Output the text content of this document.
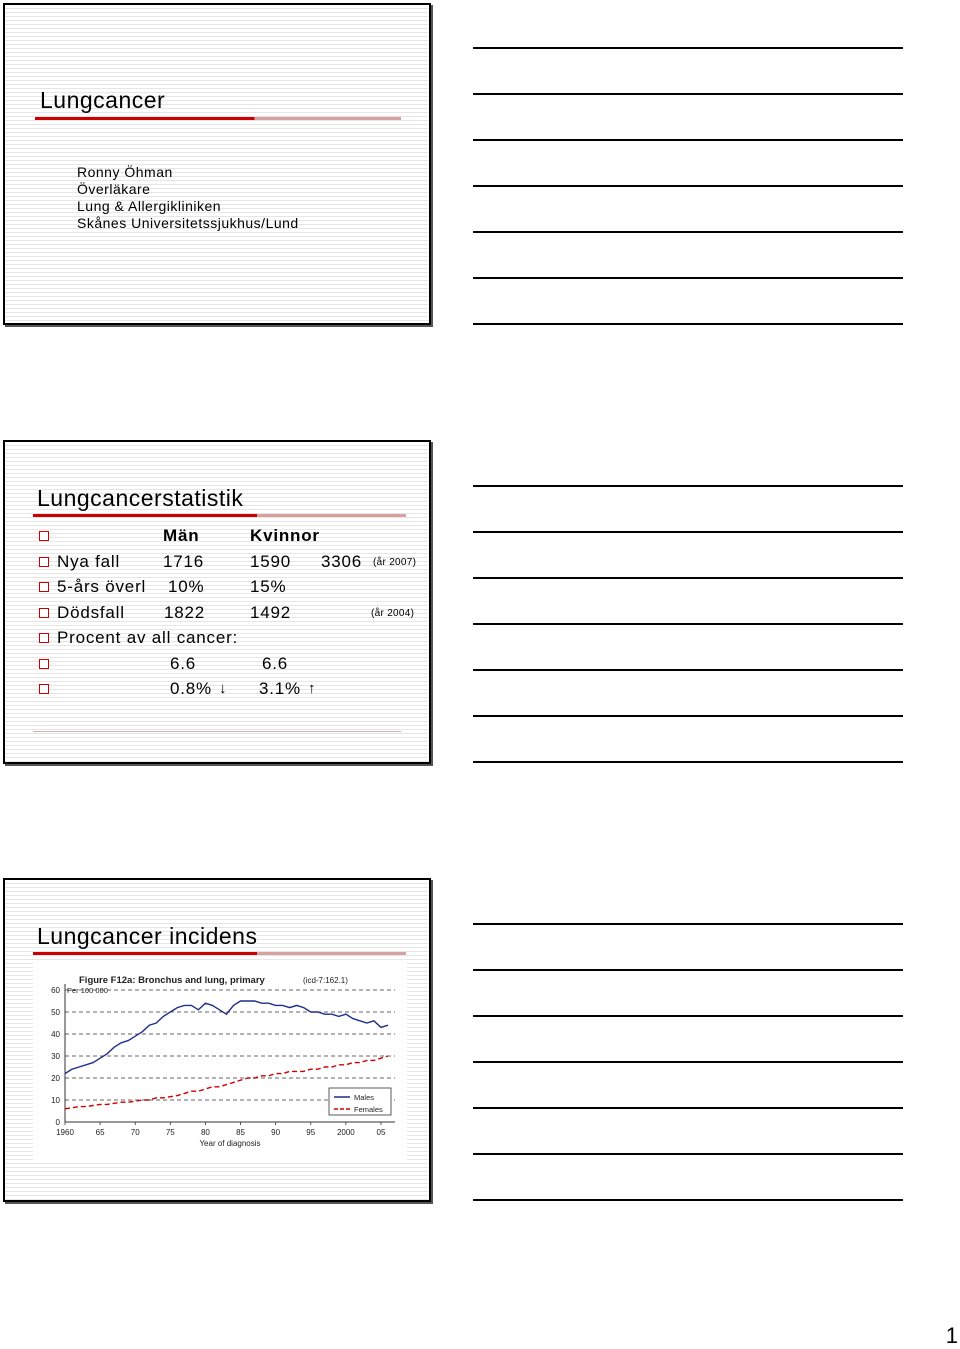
Lungcancer
Ronny Öhman
Överläkare
Lung & Allergikliniken
Skånes Universitetssjukhus/Lund
Lungcancerstatistik
Män	Kvinnor
Nya fall	1716	1590 3306 (år 2007)
5-års överl 10%	15%
Dödsfall 1822	1492	(år 2004)
Procent av all cancer:
6.6	6.6
0.8% ↓ 3.1% ↑
Lungcancer incidens
Figure F12a: Bronchus and lung, primary	(icd-7:162.1)
Per 100 000
0
10
20
30
40
50
60
1960	65	70	75	80	85	90	95	2000	05
Year of diagnosis
Males
Females
1
